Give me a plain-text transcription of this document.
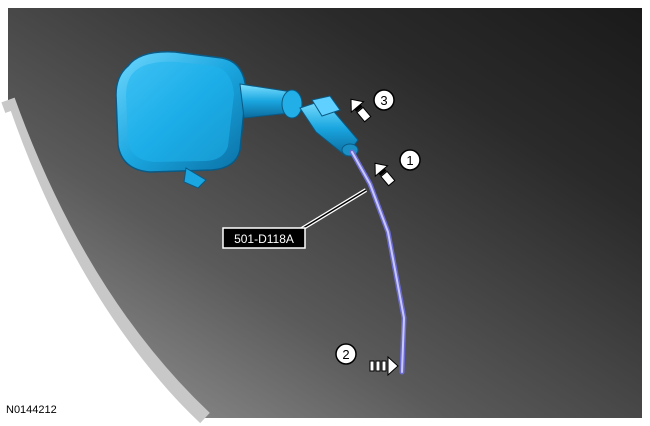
501-D118A
3
1
2
N0144212
